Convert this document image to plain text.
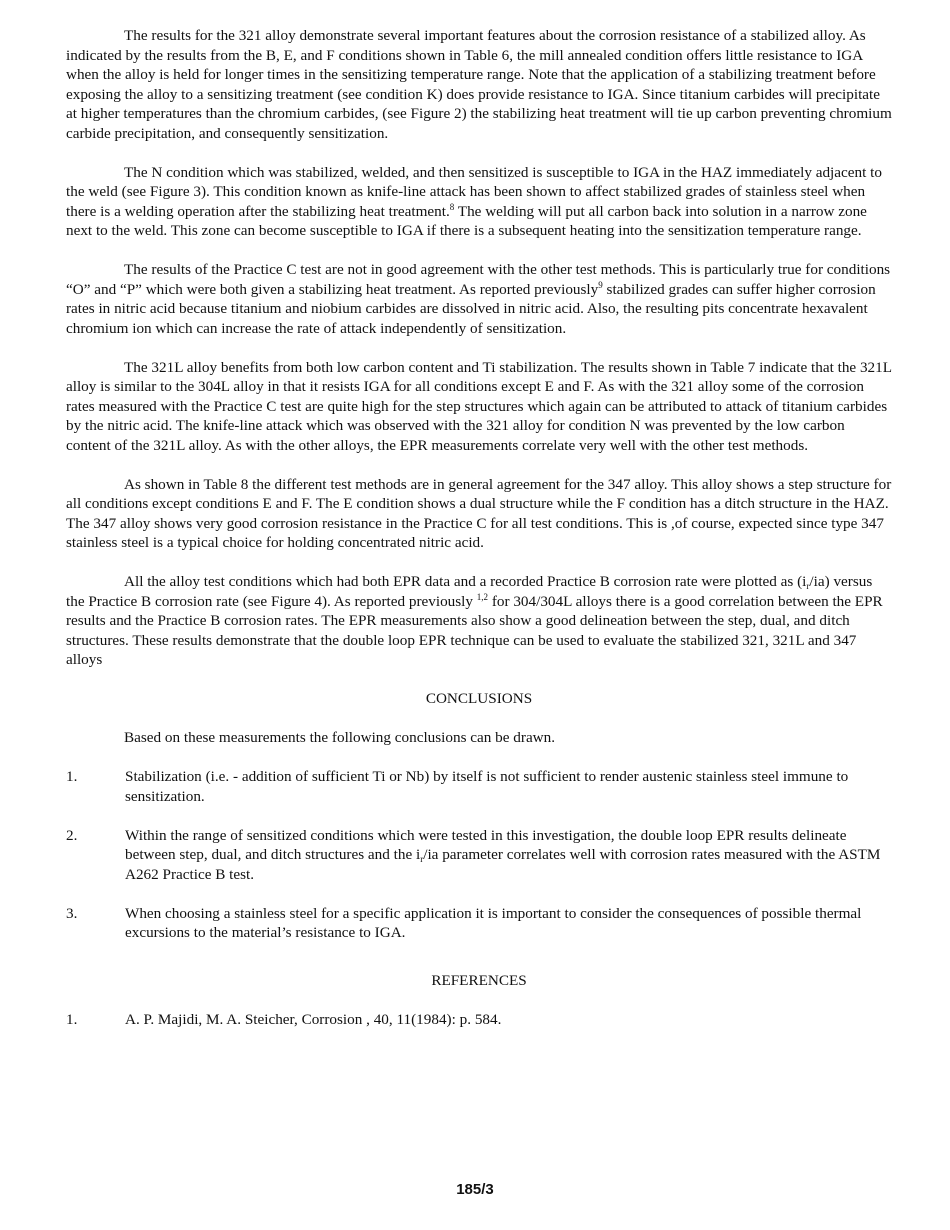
The results for the 321 alloy demonstrate several important features about the corrosion resistance of a stabilized alloy. As indicated by the results from the B, E, and F conditions shown in Table 6, the mill annealed condition offers little resistance to IGA when the alloy is held for longer times in the sensitizing temperature range. Note that the application of a stabilizing treatment before exposing the alloy to a sensitizing treatment (see condition K) does provide resistance to IGA. Since titanium carbides will precipitate at higher temperatures than the chromium carbides, (see Figure 2) the stabilizing heat treatment will tie up carbon preventing chromium carbide precipitation, and consequently sensitization.

The N condition which was stabilized, welded, and then sensitized is susceptible to IGA in the HAZ immediately adjacent to the weld (see Figure 3). This condition known as knife-line attack has been shown to affect stabilized grades of stainless steel when there is a welding operation after the stabilizing heat treatment.$^8$ The welding will put all carbon back into solution in a narrow zone next to the weld. This zone can become susceptible to IGA if there is a subsequent heating into the sensitization temperature range.

The results of the Practice C test are not in good agreement with the other test methods. This is particularly true for conditions “O” and “P” which were both given a stabilizing heat treatment. As reported previously$^9$ stabilized grades can suffer higher corrosion rates in nitric acid because titanium and niobium carbides are dissolved in nitric acid. Also, the resulting pits concentrate hexavalent chromium ion which can increase the rate of attack independently of sensitization.

The 321L alloy benefits from both low carbon content and Ti stabilization. The results shown in Table 7 indicate that the 321L alloy is similar to the 304L alloy in that it resists IGA for all conditions except E and F. As with the 321 alloy some of the corrosion rates measured with the Practice C test are quite high for the step structures which again can be attributed to attack of titanium carbides by the nitric acid. The knife-line attack which was observed with the 321 alloy for condition N was prevented by the low carbon content of the 321L alloy. As with the other alloys, the EPR measurements correlate very well with the other test methods.

As shown in Table 8 the different test methods are in general agreement for the 347 alloy. This alloy shows a step structure for all conditions except conditions E and F. The E condition shows a dual structure while the F condition has a ditch structure in the HAZ. The 347 alloy shows very good corrosion resistance in the Practice C for all test conditions. This is ,of course, expected since type 347 stainless steel is a typical choice for holding concentrated nitric acid.

All the alloy test conditions which had both EPR data and a recorded Practice B corrosion rate were plotted as $(i_r/ia)$ versus the Practice B corrosion rate (see Figure 4). As reported previously $^{1,2}$ for 304/304L alloys there is a good correlation between the EPR results and the Practice B corrosion rates. The EPR measurements also show a good delineation between the step, dual, and ditch structures. These results demonstrate that the double loop EPR technique can be used to evaluate the stabilized 321, 321L and 347 alloys

CONCLUSIONS

Based on these measurements the following conclusions can be drawn.

1.	Stabilization (i.e. - addition of sufficient Ti or Nb) by itself is not sufficient to render austenic stainless steel immune to sensitization.
2.	Within the range of sensitized conditions which were tested in this investigation, the double loop EPR results delineate between step, dual, and ditch structures and the $i_r/ia$ parameter correlates well with corrosion rates measured with the ASTM A262 Practice B test.
3.	When choosing a stainless steel for a specific application it is important to consider the consequences of possible thermal excursions to the material’s resistance to IGA.
REFERENCES
1.	A. P. Majidi, M. A. Steicher, Corrosion , 40, 11(1984): p. 584.
185/3
